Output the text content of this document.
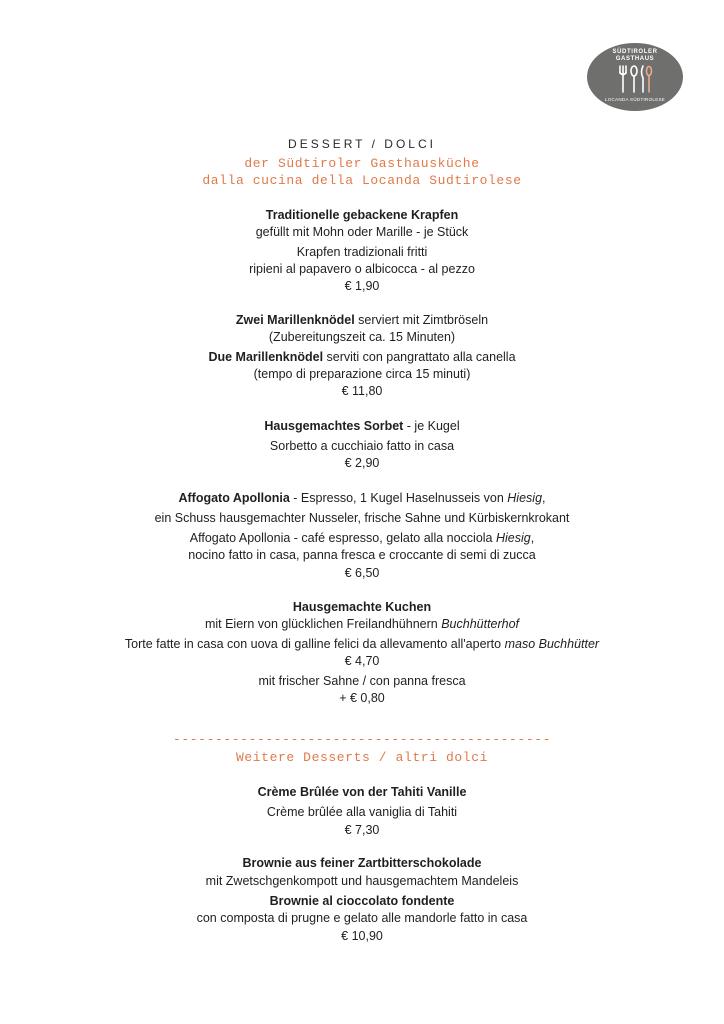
SÜDTIROLER
GASTHAUS
LOCANDA SÜDTIROLESE
DESSERT / DOLCI
der Südtiroler Gasthausküche
dalla cucina della Locanda Sudtirolese
Traditionelle gebackene Krapfen
gefüllt mit Mohn oder Marille - je Stück
Krapfen tradizionali fritti
ripieni al papavero o albicocca - al pezzo
€ 1,90
Zwei Marillenknödel serviert mit Zimtbröseln
(Zubereitungszeit ca. 15 Minuten)
Due Marillenknödel serviti con pangrattato alla canella
(tempo di preparazione circa 15 minuti)
€ 11,80
Hausgemachtes Sorbet - je Kugel
Sorbetto a cucchiaio fatto in casa
€ 2,90
Affogato Apollonia - Espresso, 1 Kugel Haselnusseis von Hiesig,
ein Schuss hausgemachter Nusseler, frische Sahne und Kürbiskernkrokant
Affogato Apollonia - café espresso, gelato alla nocciola Hiesig,
nocino fatto in casa, panna fresca e croccante di semi di zucca
€ 6,50
Hausgemachte Kuchen
mit Eiern von glücklichen Freilandhühnern Buchhütterhof
Torte fatte in casa con uova di galline felici da allevamento all'aperto maso Buchhütter
€ 4,70
mit frischer Sahne / con panna fresca
+ € 0,80
---------------------------------------------
Weitere Desserts / altri dolci
Crème Brûlée von der Tahiti Vanille
Crème brûlée alla vaniglia di Tahiti
€ 7,30
Brownie aus feiner Zartbitterschokolade
mit Zwetschgenkompott und hausgemachtem Mandeleis
Brownie al cioccolato fondente
con composta di prugne e gelato alle mandorle fatto in casa
€ 10,90
